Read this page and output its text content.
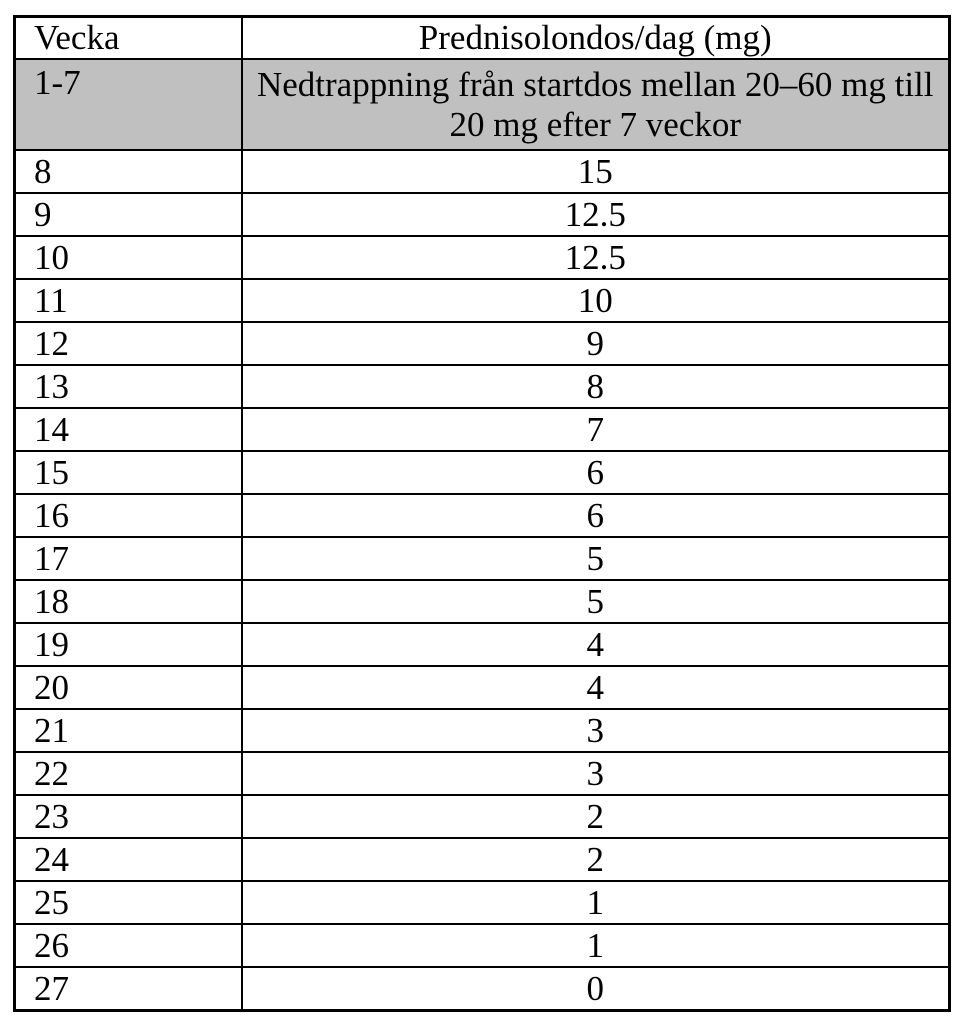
Vecka	Prednisolondos/dag (mg)
1-7	Nedtrappning från startdos mellan 20–60 mg till 20 mg efter 7 veckor
8	15
9	12.5
10	12.5
11	10
12	9
13	8
14	7
15	6
16	6
17	5
18	5
19	4
20	4
21	3
22	3
23	2
24	2
25	1
26	1
27	0
